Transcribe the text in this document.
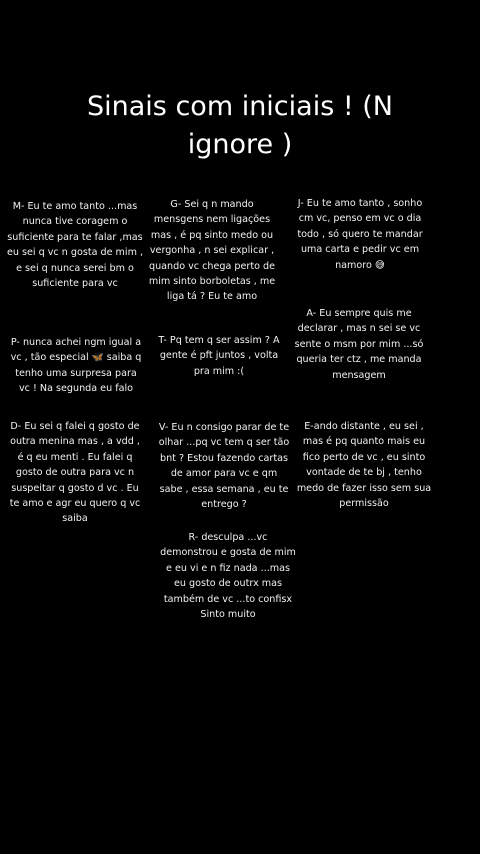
Sinais com iniciais ! (N
ignore )
M- Eu te amo tanto ...mas
nunca tive coragem o
suficiente para te falar ,mas
eu sei q vc n gosta de mim ,
e sei q nunca serei bm o
suficiente para vc
G- Sei q n mando
mensgens nem ligações
mas , é pq sinto medo ou
vergonha , n sei explicar ,
quando vc chega perto de
mim sinto borboletas , me
liga tá ? Eu te amo
J- Eu te amo tanto , sonho
cm vc, penso em vc o dia
todo , só quero te mandar
uma carta e pedir vc em
namoro 😅
P- nunca achei ngm igual a
vc , tão especial 🦋 saiba q
tenho uma surpresa para
vc ! Na segunda eu falo
T- Pq tem q ser assim ? A
gente é pft juntos , volta
pra mim :(
A- Eu sempre quis me
declarar , mas n sei se vc
sente o msm por mim ...só
queria ter ctz , me manda
mensagem
D- Eu sei q falei q gosto de
outra menina mas , a vdd ,
é q eu menti . Eu falei q
gosto de outra para vc n
suspeitar q gosto d vc . Eu
te amo e agr eu quero q vc
saiba
V- Eu n consigo parar de te
olhar ...pq vc tem q ser tão
bnt ? Estou fazendo cartas
de amor para vc e qm
sabe , essa semana , eu te
entrego ?
E-ando distante , eu sei ,
mas é pq quanto mais eu
fico perto de vc , eu sinto
vontade de te bj , tenho
medo de fazer isso sem sua
permissão
R- desculpa ...vc
demonstrou e gosta de mim
e eu vi e n fiz nada ...mas
eu gosto de outrx mas
também de vc ...to confisx
Sinto muito
